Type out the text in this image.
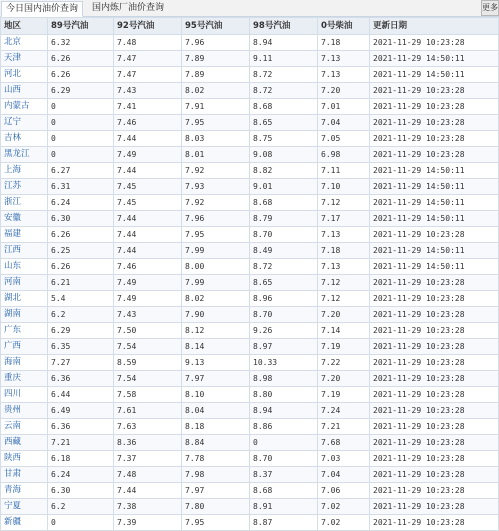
今日国内油价查询	国内炼厂油价查询	更多
地区	89号汽油	92号汽油	95号汽油	98号汽油	0号柴油	更新日期
北京	6.32	7.48	7.96	8.94	7.18	2021-11-29 10:23:28
天津	6.26	7.47	7.89	9.11	7.13	2021-11-29 14:50:11
河北	6.26	7.47	7.89	8.72	7.13	2021-11-29 14:50:11
山西	6.29	7.43	8.02	8.72	7.20	2021-11-29 10:23:28
内蒙古	0	7.41	7.91	8.68	7.01	2021-11-29 10:23:28
辽宁	0	7.46	7.95	8.65	7.04	2021-11-29 10:23:28
吉林	0	7.44	8.03	8.75	7.05	2021-11-29 10:23:28
黑龙江	0	7.49	8.01	9.08	6.98	2021-11-29 10:23:28
上海	6.27	7.44	7.92	8.82	7.11	2021-11-29 14:50:11
江苏	6.31	7.45	7.93	9.01	7.10	2021-11-29 14:50:11
浙江	6.24	7.45	7.92	8.68	7.12	2021-11-29 14:50:11
安徽	6.30	7.44	7.96	8.79	7.17	2021-11-29 14:50:11
福建	6.26	7.44	7.95	8.70	7.13	2021-11-29 10:23:28
江西	6.25	7.44	7.99	8.49	7.18	2021-11-29 14:50:11
山东	6.26	7.46	8.00	8.72	7.13	2021-11-29 14:50:11
河南	6.21	7.49	7.99	8.65	7.12	2021-11-29 10:23:28
湖北	5.4	7.49	8.02	8.96	7.12	2021-11-29 10:23:28
湖南	6.2	7.43	7.90	8.70	7.20	2021-11-29 10:23:28
广东	6.29	7.50	8.12	9.26	7.14	2021-11-29 10:23:28
广西	6.35	7.54	8.14	8.97	7.19	2021-11-29 10:23:28
海南	7.27	8.59	9.13	10.33	7.22	2021-11-29 10:23:28
重庆	6.36	7.54	7.97	8.98	7.20	2021-11-29 10:23:28
四川	6.44	7.58	8.10	8.80	7.19	2021-11-29 10:23:28
贵州	6.49	7.61	8.04	8.94	7.24	2021-11-29 10:23:28
云南	6.36	7.63	8.18	8.86	7.21	2021-11-29 10:23:28
西藏	7.21	8.36	8.84	0	7.68	2021-11-29 10:23:28
陕西	6.18	7.37	7.78	8.70	7.03	2021-11-29 10:23:28
甘肃	6.24	7.48	7.98	8.37	7.04	2021-11-29 10:23:28
青海	6.30	7.44	7.97	8.68	7.06	2021-11-29 10:23:28
宁夏	6.2	7.38	7.80	8.91	7.02	2021-11-29 10:23:28
新疆	0	7.39	7.95	8.87	7.02	2021-11-29 10:23:28
